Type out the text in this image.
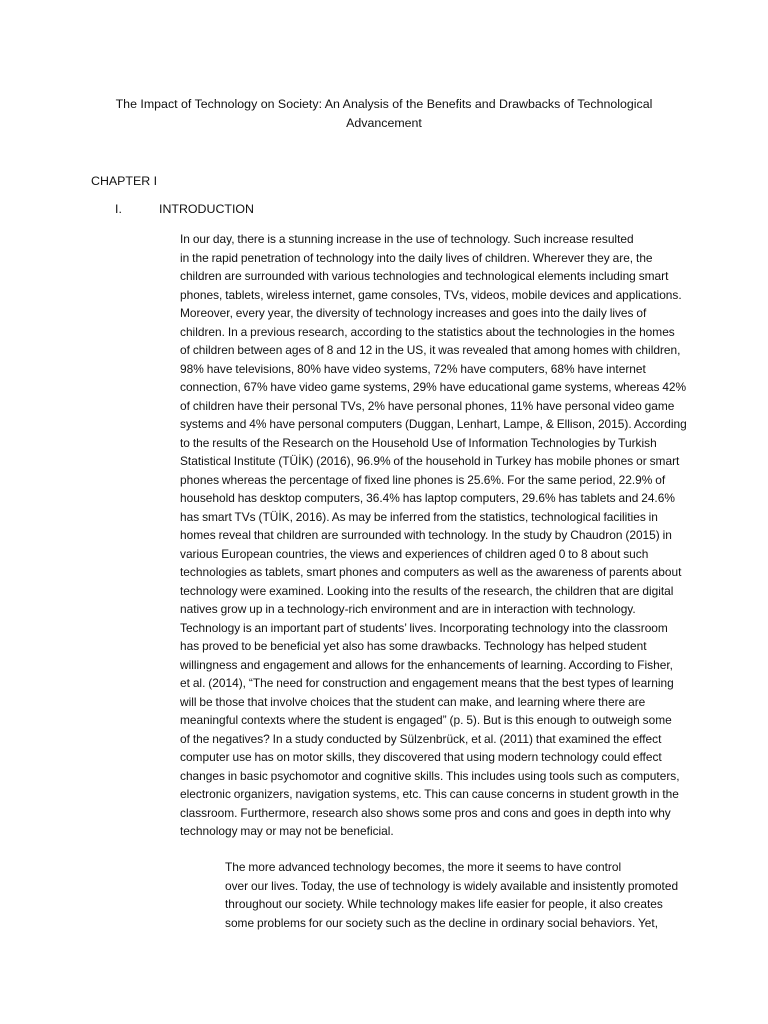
The Impact of Technology on Society: An Analysis of the Benefits and Drawbacks of Technological Advancement
CHAPTER I
I.	INTRODUCTION

In our day, there is a stunning increase in the use of technology. Such increase resulted
in the rapid penetration of technology into the daily lives of children. Wherever they are, the
children are surrounded with various technologies and technological elements including smart
phones, tablets, wireless internet, game consoles, TVs, videos, mobile devices and applications.
Moreover, every year, the diversity of technology increases and goes into the daily lives of
children. In a previous research, according to the statistics about the technologies in the homes
of children between ages of 8 and 12 in the US, it was revealed that among homes with children,
98% have televisions, 80% have video systems, 72% have computers, 68% have internet
connection, 67% have video game systems, 29% have educational game systems, whereas 42%
of children have their personal TVs, 2% have personal phones, 11% have personal video game
systems and 4% have personal computers (Duggan, Lenhart, Lampe, & Ellison, 2015). According
to the results of the Research on the Household Use of Information Technologies by Turkish
Statistical Institute (TÜİK) (2016), 96.9% of the household in Turkey has mobile phones or smart
phones whereas the percentage of fixed line phones is 25.6%. For the same period, 22.9% of
household has desktop computers, 36.4% has laptop computers, 29.6% has tablets and 24.6%
has smart TVs (TÜİK, 2016). As may be inferred from the statistics, technological facilities in
homes reveal that children are surrounded with technology. In the study by Chaudron (2015) in
various European countries, the views and experiences of children aged 0 to 8 about such
technologies as tablets, smart phones and computers as well as the awareness of parents about
technology were examined. Looking into the results of the research, the children that are digital
natives grow up in a technology-rich environment and are in interaction with technology.
Technology is an important part of students’ lives. Incorporating technology into the classroom
has proved to be beneficial yet also has some drawbacks. Technology has helped student
willingness and engagement and allows for the enhancements of learning. According to Fisher,
et al. (2014), “The need for construction and engagement means that the best types of learning
will be those that involve choices that the student can make, and learning where there are
meaningful contexts where the student is engaged” (p. 5). But is this enough to outweigh some
of the negatives? In a study conducted by Sülzenbrück, et al. (2011) that examined the effect
computer use has on motor skills, they discovered that using modern technology could effect
changes in basic psychomotor and cognitive skills. This includes using tools such as computers,
electronic organizers, navigation systems, etc. This can cause concerns in student growth in the
classroom. Furthermore, research also shows some pros and cons and goes in depth into why
technology may or may not be beneficial.

The more advanced technology becomes, the more it seems to have control
over our lives. Today, the use of technology is widely available and insistently promoted
throughout our society. While technology makes life easier for people, it also creates
some problems for our society such as the decline in ordinary social behaviors. Yet,
